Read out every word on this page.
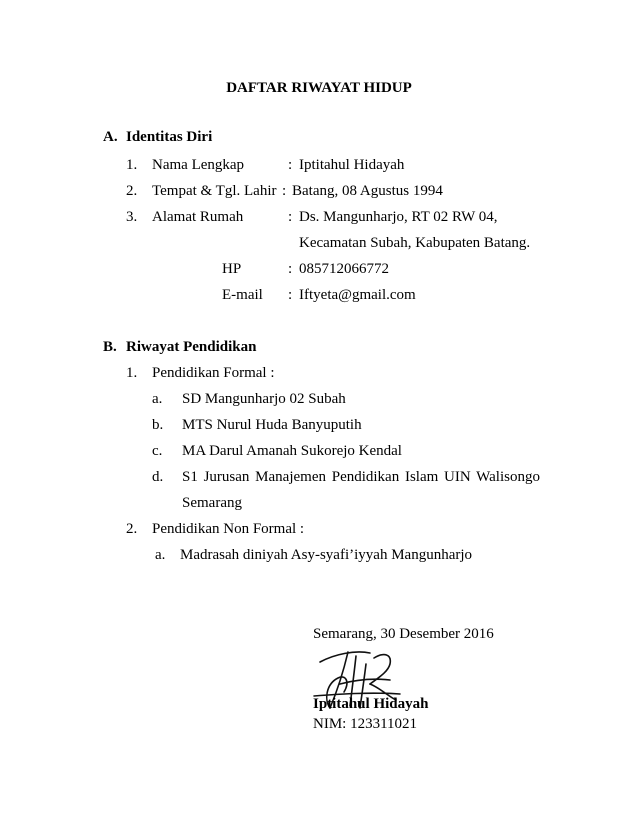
DAFTAR RIWAYAT HIDUP
A. Identitas Diri
1. Nama Lengkap	: Iptitahul Hidayah
2. Tempat & Tgl. Lahir : Batang, 08 Agustus 1994
3. Alamat Rumah	: Ds. Mangunharjo, RT 02 RW 04,
Kecamatan Subah, Kabupaten Batang.
HP	: 085712066772
E-mail : Iftyeta@gmail.com
B. Riwayat Pendidikan
1. Pendidikan Formal :
a. SD Mangunharjo 02 Subah
b. MTS Nurul Huda Banyuputih
c. MA Darul Amanah Sukorejo Kendal
d. S1 Jurusan Manajemen Pendidikan Islam UIN Walisongo
Semarang
2. Pendidikan Non Formal :
a. Madrasah diniyah Asy-syafi’iyyah Mangunharjo
Semarang, 30 Desember 2016
Iptitahul Hidayah
NIM: 123311021
